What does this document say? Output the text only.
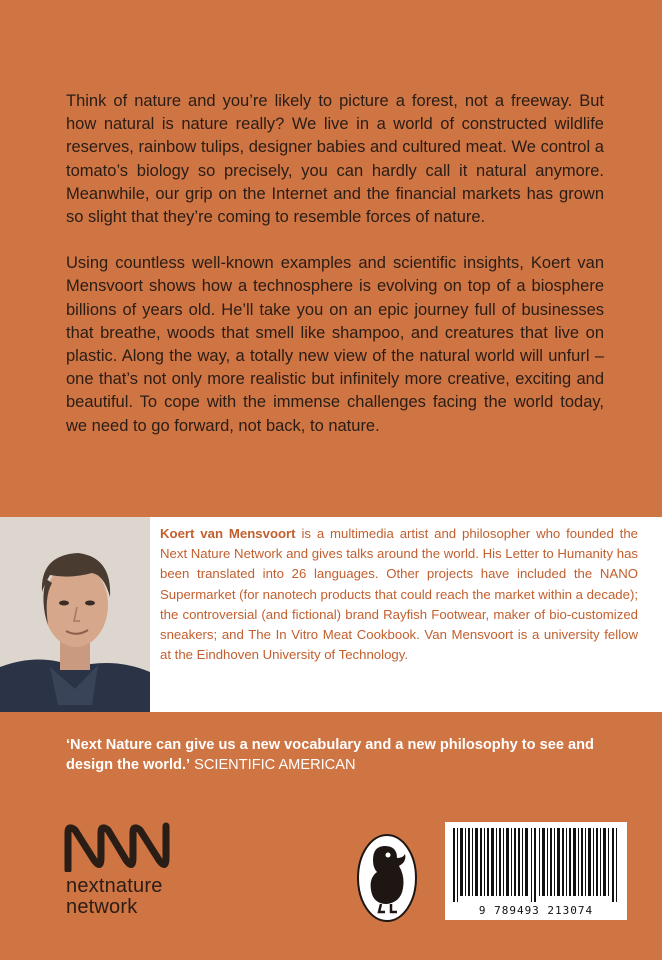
Think of nature and you’re likely to picture a forest, not a freeway. But how natural is nature really? We live in a world of constructed wildlife reserves, rainbow tulips, designer babies and cultured meat. We control a tomato’s biology so precisely, you can hardly call it natural anymore. Meanwhile, our grip on the Internet and the financial markets has grown so slight that they’re coming to resemble forces of nature.

Using countless well-known examples and scientific insights, Koert van Mensvoort shows how a technosphere is evolving on top of a biosphere billions of years old. He’ll take you on an epic journey full of businesses that breathe, woods that smell like shampoo, and creatures that live on plastic. Along the way, a totally new view of the natural world will unfurl – one that’s not only more realistic but infinitely more creative, exciting and beautiful. To cope with the immense challenges facing the world today, we need to go forward, not back, to nature.

Koert van Mensvoort is a multimedia artist and philosopher who founded the Next Nature Network and gives talks around the world. His Letter to Humanity has been translated into 26 languages. Other projects have included the NANO Supermarket (for nanotech products that could reach the market within a decade); the controversial (and fictional) brand Rayfish Footwear, maker of bio-customized sneakers; and The In Vitro Meat Cookbook. Van Mensvoort is a university fellow at the Eindhoven University of Technology.
‘Next Nature can give us a new vocabulary and a new philosophy to see and design the world.’ SCIENTIFIC AMERICAN
nextnature
network	9 789493 213074
